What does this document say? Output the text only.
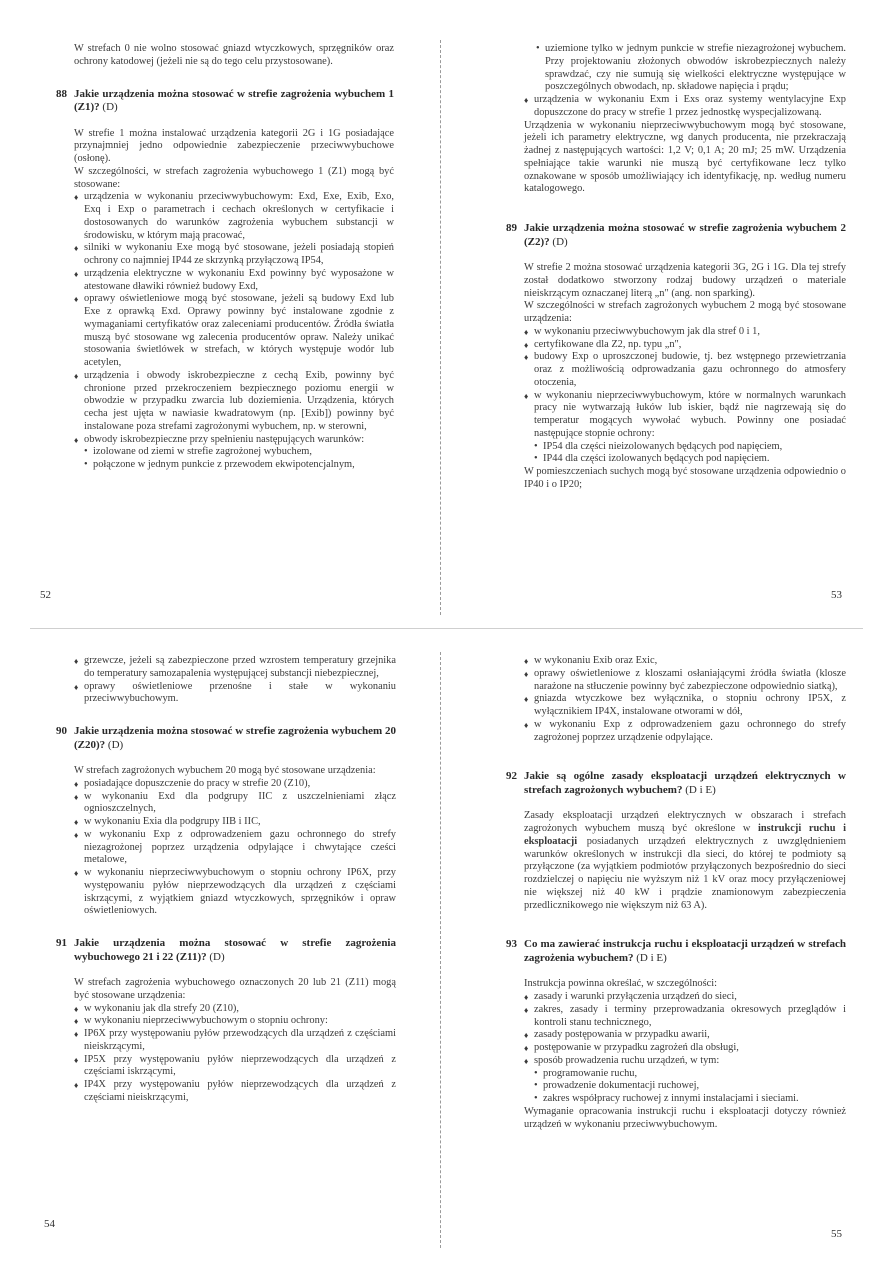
W strefach 0 nie wolno stosować gniazd wtyczkowych, sprzęgników oraz ochrony katodowej (jeżeli nie są do tego celu przystosowane).

88 Jakie urządzenia można stosować w strefie zagrożenia wybuchem 1 (Z1)? (D)

W strefie 1 można instalować urządzenia kategorii 2G i 1G posiadające przynajmniej jedno odpowiednie zabezpieczenie przeciwwybuchowe (osłonę).

W szczególności, w strefach zagrożenia wybuchowego 1 (Z1) mogą być stosowane:

♦ urządzenia w wykonaniu przeciwwybuchowym: Exd, Exe, Exib, Exo, Exq i Exp o parametrach i cechach określonych w certyfikacie i dostosowanych do warunków zagrożenia wybuchem substancji w środowisku, w którym mają pracować,
♦ silniki w wykonaniu Exe mogą być stosowane, jeżeli posiadają stopień ochrony co najmniej IP44 ze skrzynką przyłączową IP54,
♦ urządzenia elektryczne w wykonaniu Exd powinny być wyposażone w atestowane dławiki również budowy Exd,
♦ oprawy oświetleniowe mogą być stosowane, jeżeli są budowy Exd lub Exe z oprawką Exd. Oprawy powinny być instalowane zgodnie z wymaganiami certyfikatów oraz zaleceniami producentów. Źródła światła muszą być stosowane wg zalecenia producentów opraw. Należy unikać stosowania świetlówek w strefach, w których występuje wodór lub acetylen,
♦ urządzenia i obwody iskrobezpieczne z cechą Exib, powinny być chronione przed przekroczeniem bezpiecznego poziomu energii w obwodzie w przypadku zwarcia lub doziemienia. Urządzenia, których cecha jest ujęta w nawiasie kwadratowym (np. [Exib]) powinny być instalowane poza strefami zagrożonymi wybuchem, np. w sterowni,
♦ obwody iskrobezpieczne przy spełnieniu następujących warunków:
• izolowane od ziemi w strefie zagrożonej wybuchem,
• połączone w jednym punkcie z przewodem ekwipotencjalnym,
52
• uziemione tylko w jednym punkcie w strefie niezagrożonej wybuchem. Przy projektowaniu złożonych obwodów iskrobezpiecznych należy sprawdzać, czy nie sumują się wielkości elektryczne występujące w poszczególnych obwodach, np. składowe napięcia i prądu;
♦ urządzenia w wykonaniu Exm i Exs oraz systemy wentylacyjne Exp dopuszczone do pracy w strefie 1 przez jednostkę wyspecjalizowaną.

Urządzenia w wykonaniu nieprzeciwwybuchowym mogą być stosowane, jeżeli ich parametry elektryczne, wg danych producenta, nie przekraczają żadnej z następujących wartości: 1,2 V; 0,1 A; 20 mJ; 25 mW. Urządzenia spełniające takie warunki nie muszą być certyfikowane lecz tylko oznakowane w sposób umożliwiający ich identyfikację, np. według numeru katalogowego.

89 Jakie urządzenia można stosować w strefie zagrożenia wybuchem 2 (Z2)? (D)

W strefie 2 można stosować urządzenia kategorii 3G, 2G i 1G. Dla tej strefy został dodatkowo stworzony rodzaj budowy urządzeń o materiale nieiskrzącym oznaczanej literą „n" (ang. non sparking).

W szczególności w strefach zagrożonych wybuchem 2 mogą być stosowane urządzenia:

♦ w wykonaniu przeciwwybuchowym jak dla stref 0 i 1,
♦ certyfikowane dla Z2, np. typu „n",
♦ budowy Exp o uproszczonej budowie, tj. bez wstępnego przewietrzania oraz z możliwością odprowadzania gazu ochronnego do atmosfery otoczenia,
♦ w wykonaniu nieprzeciwwybuchowym, które w normalnych warunkach pracy nie wytwarzają łuków lub iskier, bądź nie nagrzewają się do temperatur mogących wywołać wybuch. Powinny one posiadać następujące stopnie ochrony:
• IP54 dla części nieizolowanych będących pod napięciem,
• IP44 dla części izolowanych będących pod napięciem.

W pomieszczeniach suchych mogą być stosowane urządzenia odpowiednio o IP40 i o IP20;

53
♦ grzewcze, jeżeli są zabezpieczone przed wzrostem temperatury grzejnika do temperatury samozapalenia występującej substancji niebezpiecznej,
♦ oprawy oświetleniowe przenośne i stałe w wykonaniu przeciwwybuchowym.

90 Jakie urządzenia można stosować w strefie zagrożenia wybuchem 20 (Z20)? (D)

W strefach zagrożonych wybuchem 20 mogą być stosowane urządzenia:

♦ posiadające dopuszczenie do pracy w strefie 20 (Z10),
♦ w wykonaniu Exd dla podgrupy IIC z uszczelnieniami złącz ognioszczelnych,
♦ w wykonaniu Exia dla podgrupy IIB i IIC,
♦ w wykonaniu Exp z odprowadzeniem gazu ochronnego do strefy niezagrożonej poprzez urządzenia odpylające i chwytające cześci metalowe,
♦ w wykonaniu nieprzeciwwybuchowym o stopniu ochrony IP6X, przy występowaniu pyłów nieprzewodzących dla urządzeń z częściami iskrzącymi, z wyjątkiem gniazd wtyczkowych, sprzęgników i opraw oświetleniowych.

91 Jakie urządzenia można stosować w strefie zagrożenia wybuchowego 21 i 22 (Z11)? (D)

W strefach zagrożenia wybuchowego oznaczonych 20 lub 21 (Z11) mogą być stosowane urządzenia:

♦ w wykonaniu jak dla strefy 20 (Z10),
♦ w wykonaniu nieprzeciwwybuchowym o stopniu ochrony:
♦ IP6X przy występowaniu pyłów przewodzących dla urządzeń z częściami nieiskrzącymi,
♦ IP5X przy występowaniu pyłów nieprzewodzących dla urządzeń z częściami iskrzącymi,
♦ IP4X przy występowaniu pyłów nieprzewodzących dla urządzeń z częściami nieiskrzącymi,
54
♦ w wykonaniu Exib oraz Exic,
♦ oprawy oświetleniowe z kloszami osłaniającymi źródła światła (klosze narażone na stłuczenie powinny być zabezpieczone odpowiednio siatką),
♦ gniazda wtyczkowe bez wyłącznika, o stopniu ochrony IP5X, z wyłącznikiem IP4X, instalowane otworami w dół,
♦ w wykonaniu Exp z odprowadzeniem gazu ochronnego do strefy zagrożonej poprzez urządzenie odpylające.

92 Jakie są ogólne zasady eksploatacji urządzeń elektrycznych w strefach zagrożonych wybuchem? (D i E)

Zasady eksploatacji urządzeń elektrycznych w obszarach i strefach zagrożonych wybuchem muszą być określone w instrukcji ruchu i eksploatacji posiadanych urządzeń elektrycznych z uwzględnieniem warunków określonych w instrukcji dla sieci, do której te podmioty są przyłączone (za wyjątkiem podmiotów przyłączonych bezpośrednio do sieci rozdzielczej o napięciu nie wyższym niż 1 kV oraz mocy przyłączeniowej nie większej niż 40 kW i prądzie znamionowym zabezpieczenia przedlicznikowego nie większym niż 63 A).

93 Co ma zawierać instrukcja ruchu i eksploatacji urządzeń w strefach zagrożenia wybuchem? (D i E)

Instrukcja powinna określać, w szczególności:

♦ zasady i warunki przyłączenia urządzeń do sieci,
♦ zakres, zasady i terminy przeprowadzania okresowych przeglądów i kontroli stanu technicznego,
♦ zasady postępowania w przypadku awarii,
♦ postępowanie w przypadku zagrożeń dla obsługi,
♦ sposób prowadzenia ruchu urządzeń, w tym:
• programowanie ruchu,
• prowadzenie dokumentacji ruchowej,
• zakres współpracy ruchowej z innymi instalacjami i sieciami.

Wymaganie opracowania instrukcji ruchu i eksploatacji dotyczy również urządzeń w wykonaniu przeciwwybuchowym.

55
